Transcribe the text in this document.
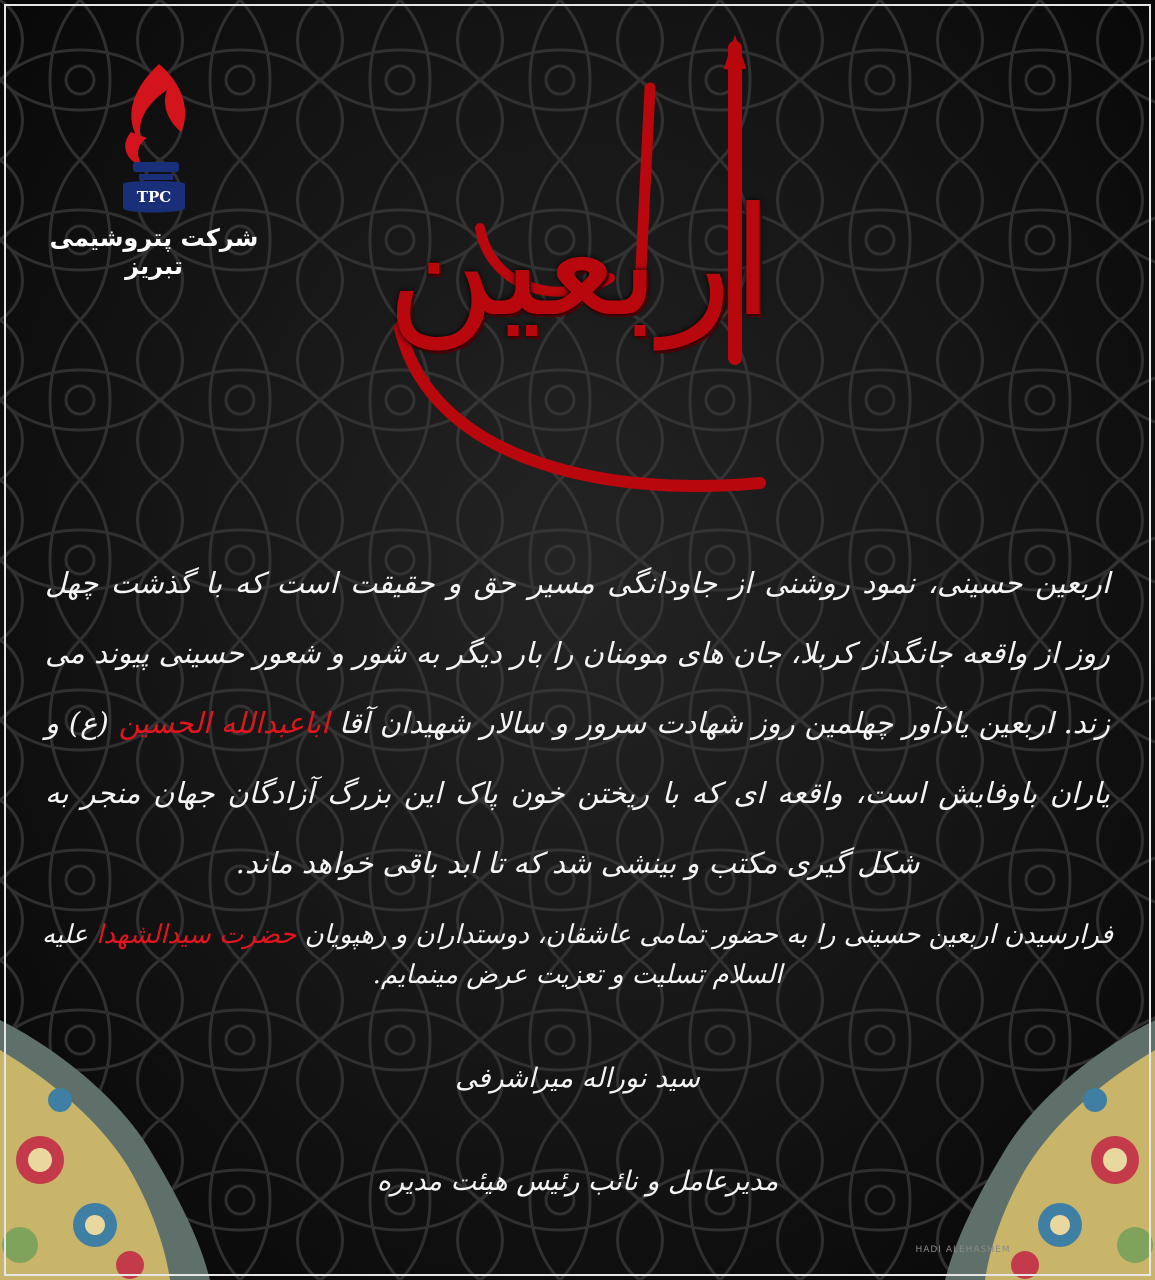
TPC
شرکت پتروشیمی تبریز	اربعین
اربعین حسینی، نمود روشنی از جاودانگی مسیر حق و حقیقت است که با گذشت چهل روز از واقعه جانگداز کربلا، جان های مومنان را بار دیگر به شور و شعور حسینی پیوند می زند. اربعین یادآور چهلمین روز شهادت سرور و سالار شهیدان آقا اباعبدالله الحسین (ع) و یاران باوفایش است، واقعه ای که با ریختن خون پاک این بزرگ آزادگان جهان منجر به شکل گیری مکتب و بینشی شد که تا ابد باقی خواهد ماند.
فرارسیدن اربعین حسینی را به حضور تمامی عاشقان، دوستداران و رهپویان حضرت سیدالشهدا علیه السلام تسلیت و تعزیت عرض مینمایم.
سید نوراله میراشرفی
مدیرعامل و نائب رئیس هیئت مدیره
HADI ALEHASHEM
